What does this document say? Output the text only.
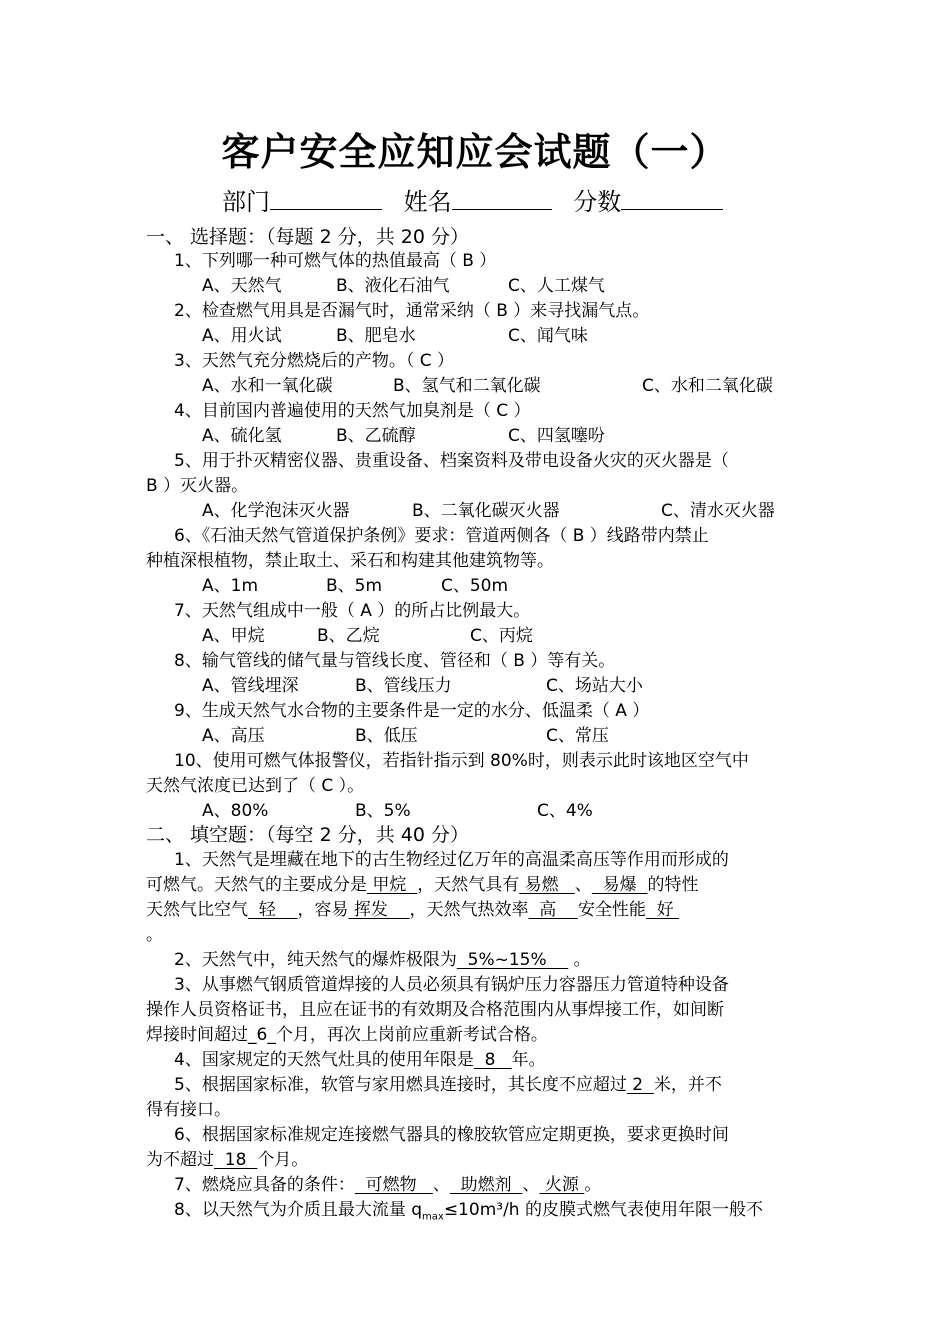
客户安全应知应会试题（一）
部门	姓名	分数
一、 选择题：（每题 2 分，共 20 分）
1、下列哪一种可燃气体的热值最高（ B ）
A、天然气	B、液化石油气	C、人工煤气
2、检查燃气用具是否漏气时，通常采纳（ B ）来寻找漏气点。
A、用火试	B、肥皂水	C、闻气味
3、天然气充分燃烧后的产物。（ C ）
A、水和一氧化碳	B、氢气和二氧化碳	C、水和二氧化碳
4、目前国内普遍使用的天然气加臭剂是（ C ）
A、硫化氢	B、乙硫醇	C、四氢噻吩
5、用于扑灭精密仪器、贵重设备、档案资料及带电设备火灾的灭火器是（
B ）灭火器。
A、化学泡沫灭火器	B、二氧化碳灭火器	C、清水灭火器
6、《石油天然气管道保护条例》要求：管道两侧各（ B ）线路带内禁止
种植深根植物，禁止取土、采石和构建其他建筑物等。
A、1m	B、5m	C、50m
7、天然气组成中一般（ A ）的所占比例最大。
A、甲烷	B、乙烷	C、丙烷
8、输气管线的储气量与管线长度、管径和（ B ）等有关。
A、管线埋深	B、管线压力	C、场站大小
9、生成天然气水合物的主要条件是一定的水分、低温柔（ A ）
A、高压	B、低压	C、常压
10、使用可燃气体报警仪，若指针指示到 80%时，则表示此时该地区空气中
天然气浓度已达到了（ C ）。
A、80%	B、5%	C、4%
二、 填空题：（每空 2 分，共 40 分）
1、天然气是埋藏在地下的古生物经过亿万年的高温柔高压等作用而形成的
可燃气。天然气的主要成分是 甲烷  ，天然气具有 易燃   、  易爆  的特性
天然气比空气  轻    ，容易 挥发    ，天然气热效率  高    安全性能  好
。
2、天然气中，纯天然气的爆炸极限为  5%~15%     。
3、从事燃气钢质管道焊接的人员必须具有锅炉压力容器压力管道特种设备
操作人员资格证书，且应在证书的有效期及合格范围内从事焊接工作，如间断
焊接时间超过_6_个月，再次上岗前应重新考试合格。
4、国家规定的天然气灶具的使用年限是  8   年。
5、根据国家标准，软管与家用燃具连接时，其长度不应超过 2  米，并不
得有接口。
6、根据国家标准规定连接燃气器具的橡胶软管应定期更换，要求更换时间
为不超过  18  个月。
7、燃烧应具备的条件：  可燃物   、  助燃剂  、 火源 。
8、以天然气为介质且最大流量 $q_{max}\le 10m^3/h$ 的皮膜式燃气表使用年限一般不
